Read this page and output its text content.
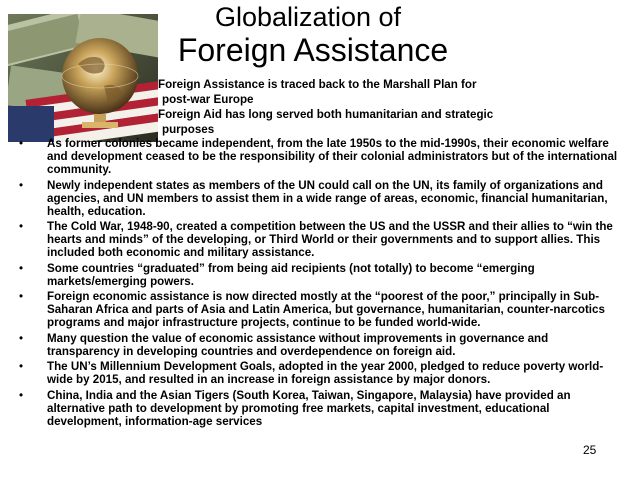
Globalization of
Foreign Assistance
Foreign Assistance is traced back to the Marshall Plan for
post-war Europe
Foreign Aid has long served both humanitarian and strategic
purposes
• As former colonies became independent, from the late 1950s to the mid-1990s, their economic welfare and development ceased to be the responsibility of their colonial administrators but of the international community.
• Newly independent states as members of the UN could call on the UN, its family of organizations and agencies, and UN members to assist them in a wide range of areas, economic, financial humanitarian, health, education.
• The Cold War, 1948-90, created a competition between the US and the USSR and their allies to “win the hearts and minds” of the developing, or Third World or their governments and to support allies. This included both economic and military assistance.
• Some countries “graduated” from being aid recipients (not totally) to become “emerging markets/emerging powers.
• Foreign economic assistance is now directed mostly at the “poorest of the poor,” principally in Sub-Saharan Africa and parts of Asia and Latin America, but governance, humanitarian, counter-narcotics programs and major infrastructure projects, continue to be funded world-wide.
• Many question the value of economic assistance without improvements in governance and transparency in developing countries and overdependence on foreign aid.
• The UN’s Millennium Development Goals, adopted in the year 2000, pledged to reduce poverty world-wide by 2015, and resulted in an increase in foreign assistance by major donors.
• China, India and the Asian Tigers (South Korea, Taiwan, Singapore, Malaysia) have provided an alternative path to development by promoting free markets, capital investment, educational development, information-age services
25
